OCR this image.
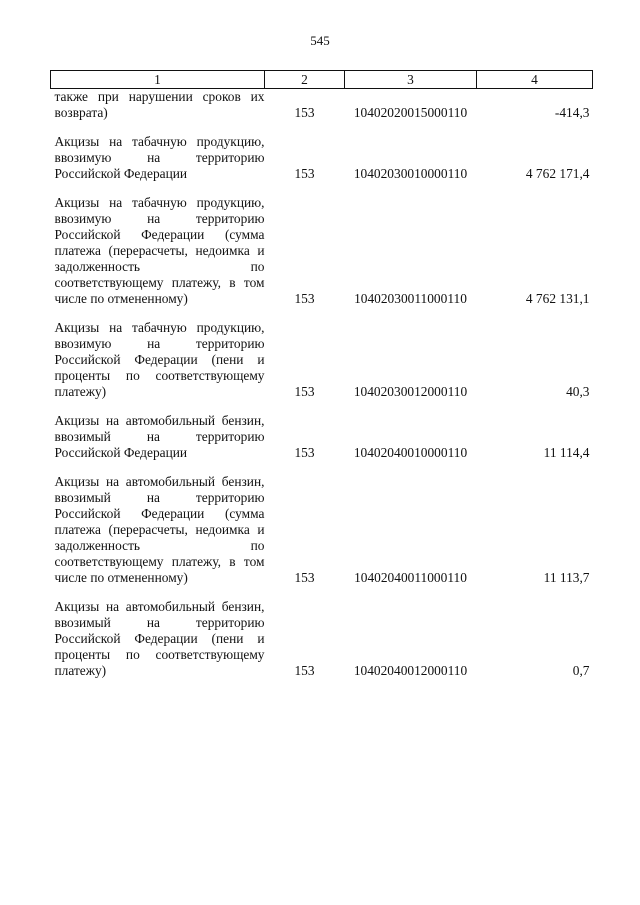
545
1	2	3	4

также при нарушении сроков их возврата)	153	10402020015000110	-414,3

Акцизы на табачную продукцию, ввозимую на территорию Российской Федерации	153	10402030010000110	4 762 171,4

Акцизы на табачную продукцию, ввозимую на территорию Российской Федерации (сумма платежа (перерасчеты, недоимка и задолженность по соответствующему платежу, в том числе по отмененному)	153	10402030011000110	4 762 131,1

Акцизы на табачную продукцию, ввозимую на территорию Российской Федерации (пени и проценты по соответствующему платежу)	153	10402030012000110	40,3

Акцизы на автомобильный бензин, ввозимый на территорию Российской Федерации	153	10402040010000110	11 114,4

Акцизы на автомобильный бензин, ввозимый на территорию Российской Федерации (сумма платежа (перерасчеты, недоимка и задолженность по соответствующему платежу, в том числе по отмененному)	153	10402040011000110	11 113,7

Акцизы на автомобильный бензин, ввозимый на территорию Российской Федерации (пени и проценты по соответствующему платежу)	153	10402040012000110	0,7
